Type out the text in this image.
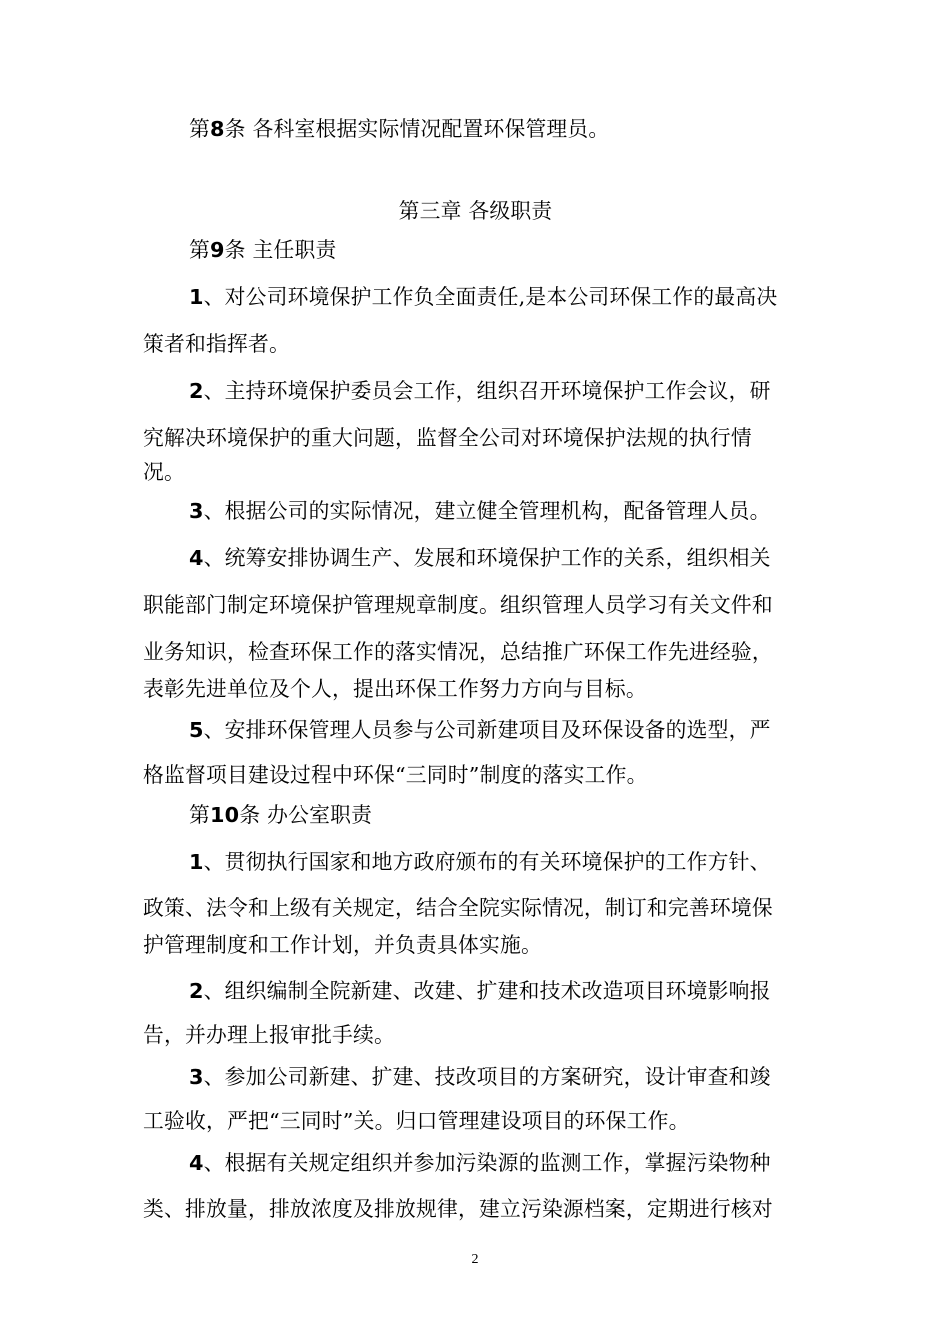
第8条 各科室根据实际情况配置环保管理员。

第三章 各级职责

第9条 主任职责

1、对公司环境保护工作负全面责任,是本公司环保工作的最高决

策者和指挥者。

2、主持环境保护委员会工作，组织召开环境保护工作会议，研

究解决环境保护的重大问题，监督全公司对环境保护法规的执行情

况。

3、根据公司的实际情况，建立健全管理机构，配备管理人员。

4、统筹安排协调生产、发展和环境保护工作的关系，组织相关

职能部门制定环境保护管理规章制度。组织管理人员学习有关文件和

业务知识，检查环保工作的落实情况，总结推广环保工作先进经验，

表彰先进单位及个人，提出环保工作努力方向与目标。

5、安排环保管理人员参与公司新建项目及环保设备的选型，严

格监督项目建设过程中环保“三同时”制度的落实工作。

第10条 办公室职责

1、贯彻执行国家和地方政府颁布的有关环境保护的工作方针、

政策、法令和上级有关规定，结合全院实际情况，制订和完善环境保

护管理制度和工作计划，并负责具体实施。

2、组织编制全院新建、改建、扩建和技术改造项目环境影响报

告，并办理上报审批手续。

3、参加公司新建、扩建、技改项目的方案研究，设计审查和竣

工验收，严把“三同时”关。归口管理建设项目的环保工作。

4、根据有关规定组织并参加污染源的监测工作，掌握污染物种

类、排放量，排放浓度及排放规律，建立污染源档案，定期进行核对

2
